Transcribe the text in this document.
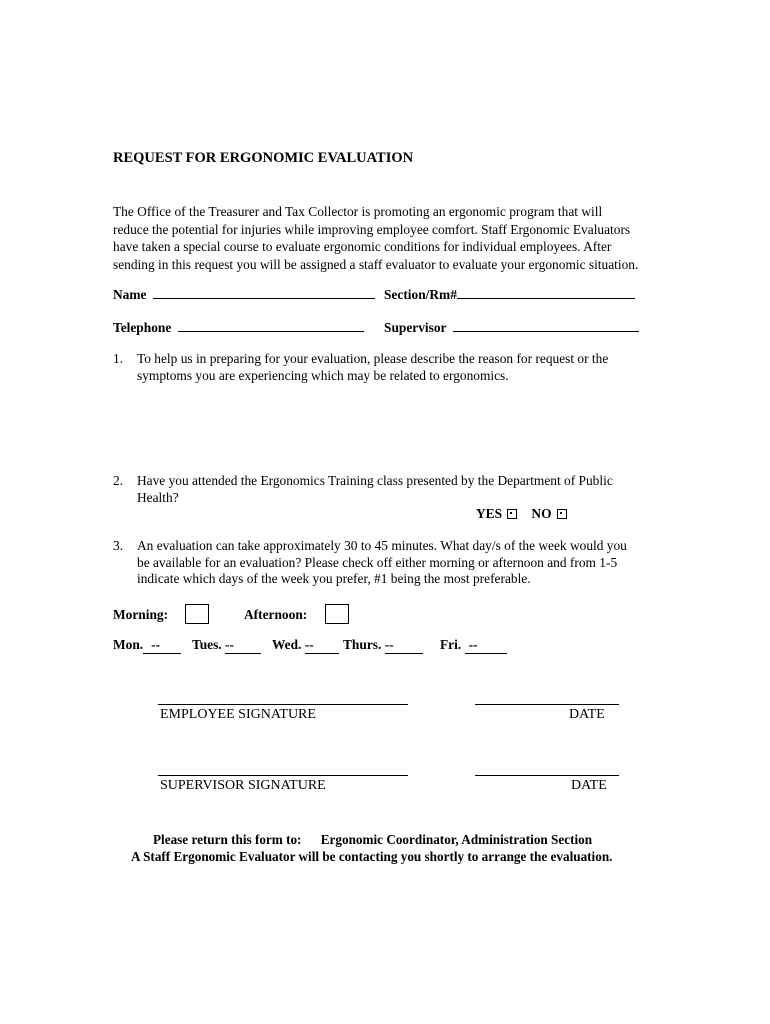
REQUEST FOR ERGONOMIC EVALUATION
The Office of the Treasurer and Tax Collector is promoting an ergonomic program that will
reduce the potential for injuries while improving employee comfort. Staff Ergonomic Evaluators
have taken a special course to evaluate ergonomic conditions for individual employees. After
sending in this request you will be assigned a staff evaluator to evaluate your ergonomic situation.
Name	Section/Rm#
Telephone	Supervisor
1. To help us in preparing for your evaluation, please describe the reason for request or the
symptoms you are experiencing which may be related to ergonomics.
2. Have you attended the Ergonomics Training class presented by the Department of Public
Health?
YES NO
3. An evaluation can take approximately 30 to 45 minutes. What day/s of the week would you
be available for an evaluation? Please check off either morning or afternoon and from 1-5
indicate which days of the week you prefer, #1 being the most preferable.
Morning:	Afternoon:
Mon. --	Tues. --	Wed. --	Thurs. --	Fri. --
EMPLOYEE SIGNATURE	DATE
SUPERVISOR SIGNATURE	DATE
Please return this form to: Ergonomic Coordinator, Administration Section
A Staff Ergonomic Evaluator will be contacting you shortly to arrange the evaluation.
